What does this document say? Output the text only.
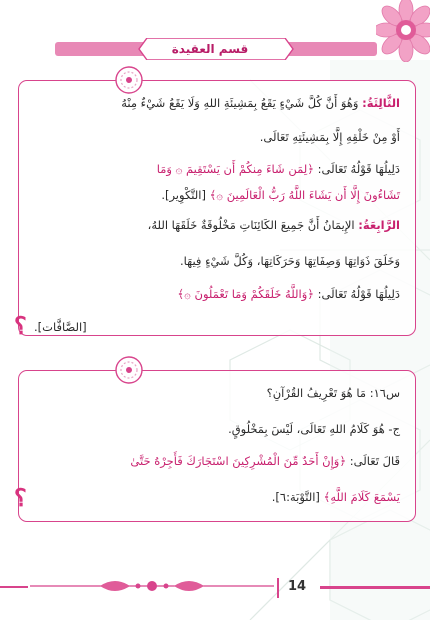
قسم العقيدة
الثَّالِثَةُ: وَهُوَ أَنَّ كُلَّ شَيْءٍ يَقَعُ بِمَشِيئَةِ اللهِ وَلَا يَقَعُ شَيْءٌ مِنْهُ
أَوْ مِنْ خَلْقِهِ إِلَّا بِمَشِيئَتِهِ تَعَالَى.
دَلِيلُهَا قَوْلُهُ تَعَالَى: ﴿لِمَن شَاءَ مِنكُمْ أَن يَسْتَقِيمَ ۞ وَمَا
تَشَاءُونَ إِلَّا أَن يَشَاءَ اللَّهُ رَبُّ الْعَالَمِينَ ۞﴾ [التَّكْوِير].
الرَّابِعَةُ: الإِيمَانُ أَنَّ جَمِيعَ الكَائِنَاتِ مَخْلُوقَةٌ خَلَقَهَا اللهُ،
وَخَلَقَ ذَوَاتِهَا وَصِفَاتِهَا وَحَرَكَاتِهَا، وَكُلَّ شَيْءٍ فِيهَا.
دَلِيلُهَا قَوْلُهُ تَعَالَى: ﴿وَاللَّهُ خَلَقَكُمْ وَمَا تَعْمَلُونَ ۞﴾
[الصَّافَّات].
؟
س١٦: مَا هُوَ تَعْرِيفُ القُرْآنِ؟
ج- هُوَ كَلَامُ اللهِ تَعَالَى، لَيْسَ بِمَخْلُوقٍ.
قَالَ تَعَالَى: ﴿وَإِنْ أَحَدٌ مِّنَ الْمُشْرِكِينَ اسْتَجَارَكَ فَأَجِرْهُ حَتَّىٰ
يَسْمَعَ كَلَامَ اللَّهِ﴾ [التَّوْبَة:٦].
؟
14
